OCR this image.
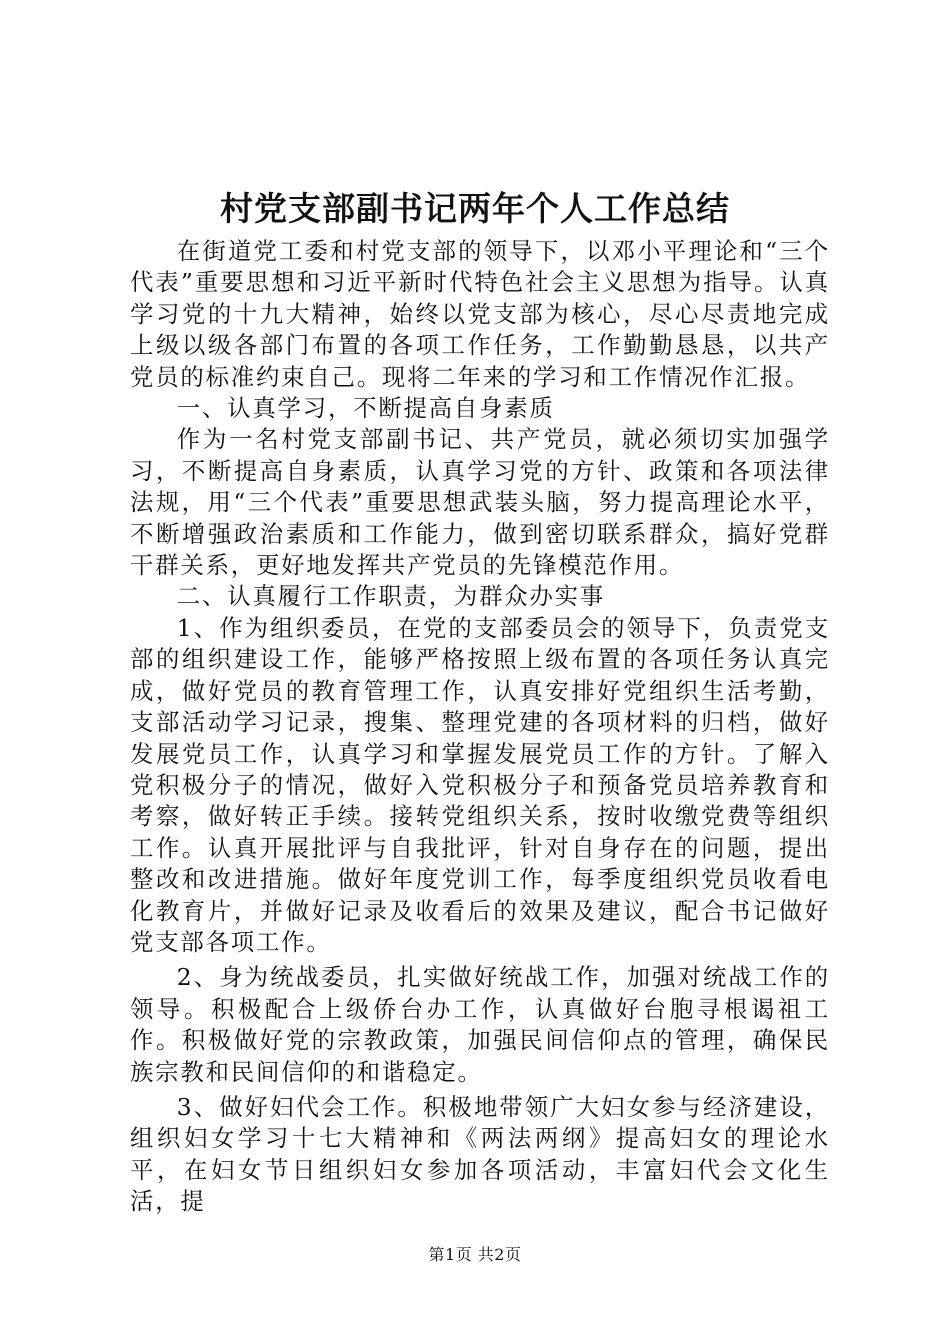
村党支部副书记两年个人工作总结

在街道党工委和村党支部的领导下，以邓小平理论和“三个代表”重要思想和习近平新时代特色社会主义思想为指导。认真学习党的十九大精神，始终以党支部为核心，尽心尽责地完成上级以级各部门布置的各项工作任务，工作勤勤恳恳，以共产党员的标准约束自己。现将二年来的学习和工作情况作汇报。

一、认真学习，不断提高自身素质

作为一名村党支部副书记、共产党员，就必须切实加强学习，不断提高自身素质，认真学习党的方针、政策和各项法律法规，用“三个代表”重要思想武装头脑，努力提高理论水平，不断增强政治素质和工作能力，做到密切联系群众，搞好党群干群关系，更好地发挥共产党员的先锋模范作用。

二、认真履行工作职责，为群众办实事

1、作为组织委员，在党的支部委员会的领导下，负责党支部的组织建设工作，能够严格按照上级布置的各项任务认真完成，做好党员的教育管理工作，认真安排好党组织生活考勤，支部活动学习记录，搜集、整理党建的各项材料的归档，做好发展党员工作，认真学习和掌握发展党员工作的方针。了解入党积极分子的情况，做好入党积极分子和预备党员培养教育和考察，做好转正手续。接转党组织关系，按时收缴党费等组织工作。认真开展批评与自我批评，针对自身存在的问题，提出整改和改进措施。做好年度党训工作，每季度组织党员收看电化教育片，并做好记录及收看后的效果及建议，配合书记做好党支部各项工作。

2、身为统战委员，扎实做好统战工作，加强对统战工作的领导。积极配合上级侨台办工作，认真做好台胞寻根谒祖工作。积极做好党的宗教政策，加强民间信仰点的管理，确保民族宗教和民间信仰的和谐稳定。

3、做好妇代会工作。积极地带领广大妇女参与经济建设，组织妇女学习十七大精神和《两法两纲》提高妇女的理论水平，在妇女节日组织妇女参加各项活动，丰富妇代会文化生活，提

第1页 共2页
